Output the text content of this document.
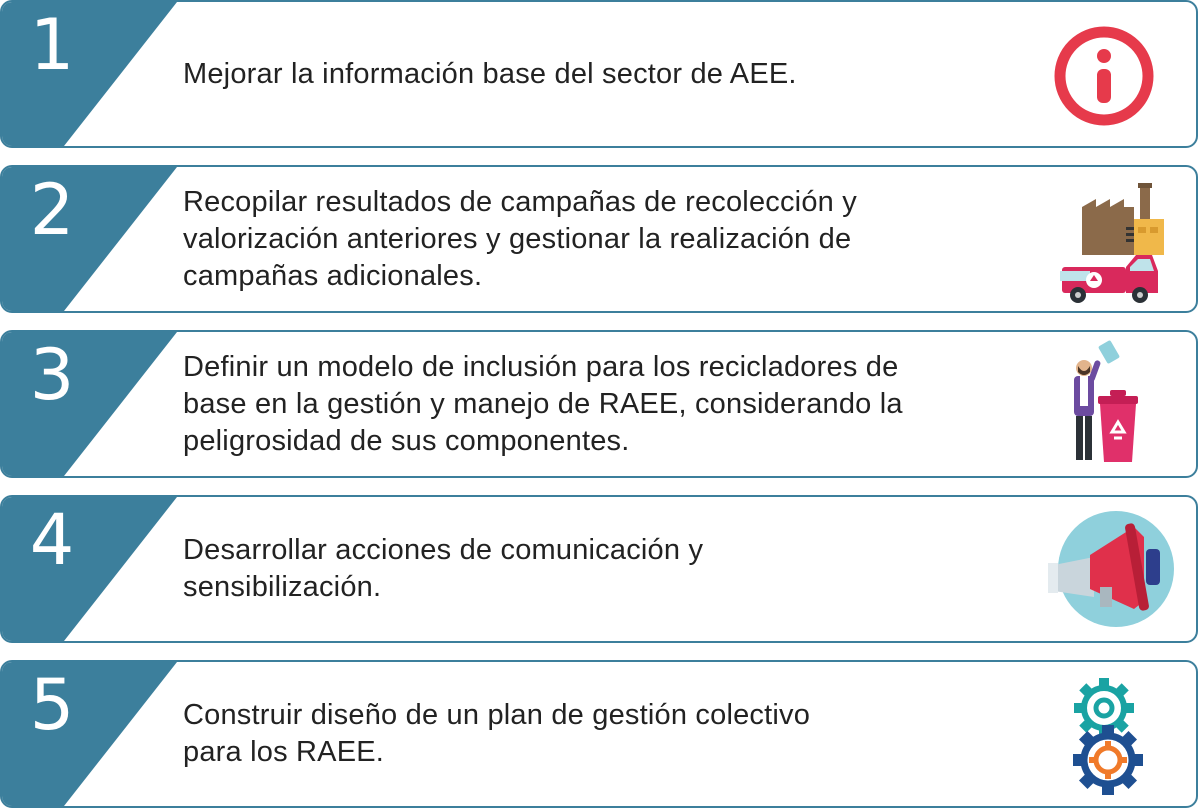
1	Mejorar la información base del sector de AEE.
2	Recopilar resultados de campañas de recolección y
valorización anteriores y gestionar la realización de
campañas adicionales.
3	Definir un modelo de inclusión para los recicladores de
base en la gestión y manejo de RAEE, considerando la
peligrosidad de sus componentes.
4	Desarrollar acciones de comunicación y
sensibilización.
5	Construir diseño de un plan de gestión colectivo
para los RAEE.
